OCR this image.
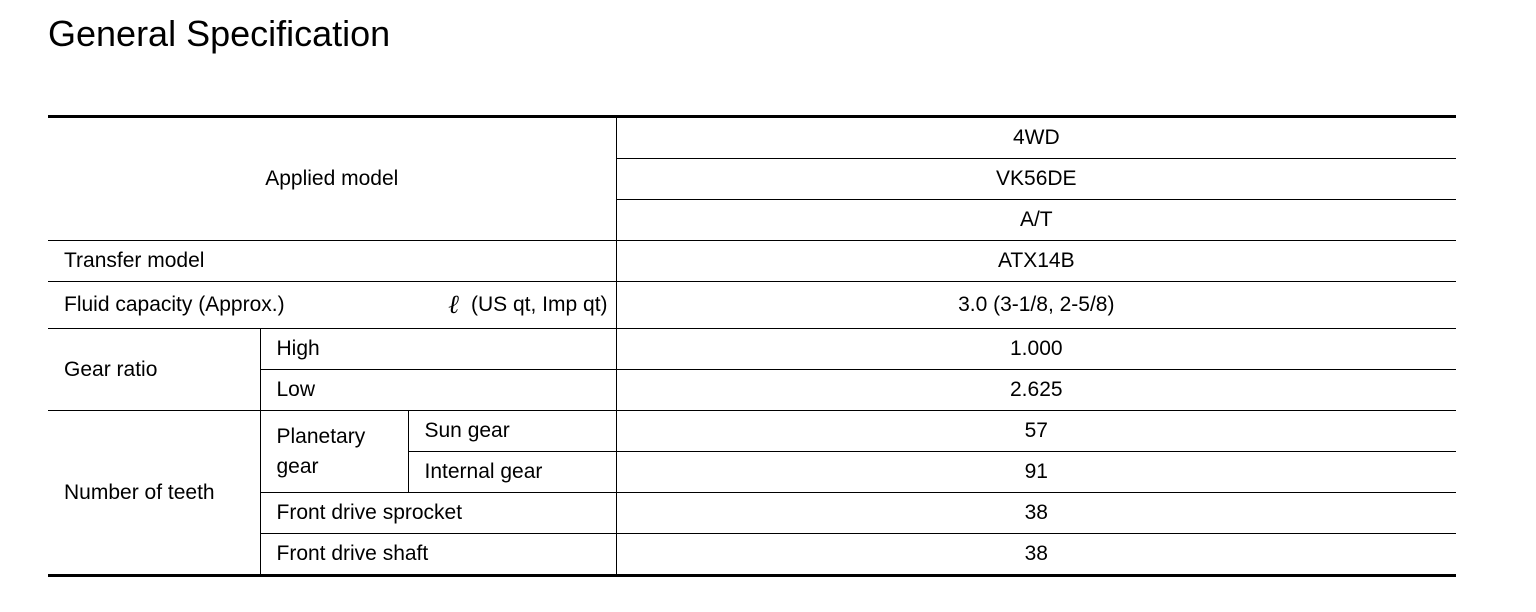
General Specification
Applied model			4WD
			VK56DE
			A/T
Transfer model			ATX14B

Fluid capacity (Approx.) ℓ (US qt, Imp qt)			3.0 (3-1/8, 2-5/8)
Gear ratio	High		1.000
	Low		2.625
Number of teeth	Planetary gear	Sun gear	57
		Internal gear	91
	Front drive sprocket		38
	Front drive shaft		38
